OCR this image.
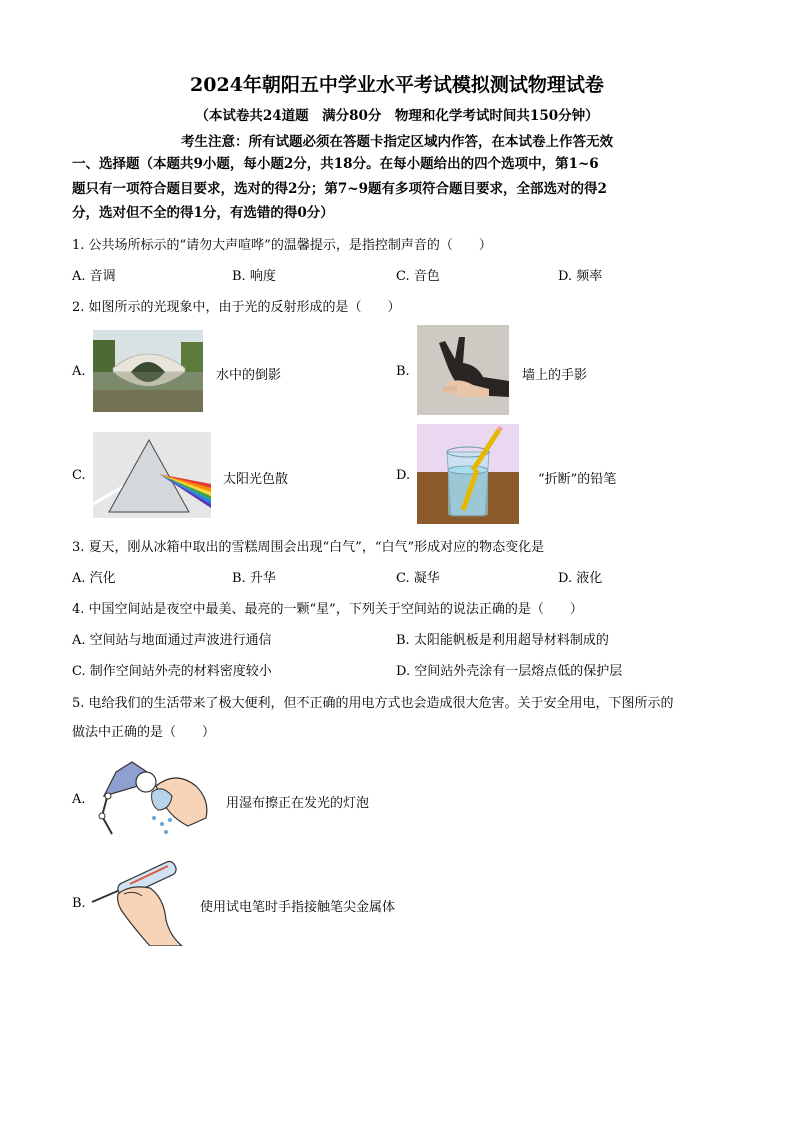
2024年朝阳五中学业水平考试模拟测试物理试卷
（本试卷共24道题　满分80分　物理和化学考试时间共150分钟）
考生注意：所有试题必须在答题卡指定区域内作答，在本试卷上作答无效
一、选择题（本题共9小题，每小题2分，共18分。在每小题给出的四个选项中，第1~6
题只有一项符合题目要求，选对的得2分；第7~9题有多项符合题目要求，全部选对的得2
分，选对但不全的得1分，有选错的得0分）
1. 公共场所标示的“请勿大声喧哗”的温馨提示，是指控制声音的（　　）
A. 音调	B. 响度	C. 音色	D. 频率
2. 如图所示的光现象中，由于光的反射形成的是（　　）
A.	水中的倒影	B.	墙上的手影
C.	太阳光色散	D.	“折断”的铅笔
3. 夏天，刚从冰箱中取出的雪糕周围会出现“白气”，“白气”形成对应的物态变化是
A. 汽化	B. 升华	C. 凝华	D. 液化
4. 中国空间站是夜空中最美、最亮的一颗“星”，下列关于空间站的说法正确的是（　　）
A. 空间站与地面通过声波进行通信	B. 太阳能帆板是利用超导材料制成的
C. 制作空间站外壳的材料密度较小	D. 空间站外壳涂有一层熔点低的保护层
5. 电给我们的生活带来了极大便利，但不正确的用电方式也会造成很大危害。关于安全用电，下图所示的
做法中正确的是（　　）
A.	用湿布擦正在发光的灯泡
B.	使用试电笔时手指接触笔尖金属体
